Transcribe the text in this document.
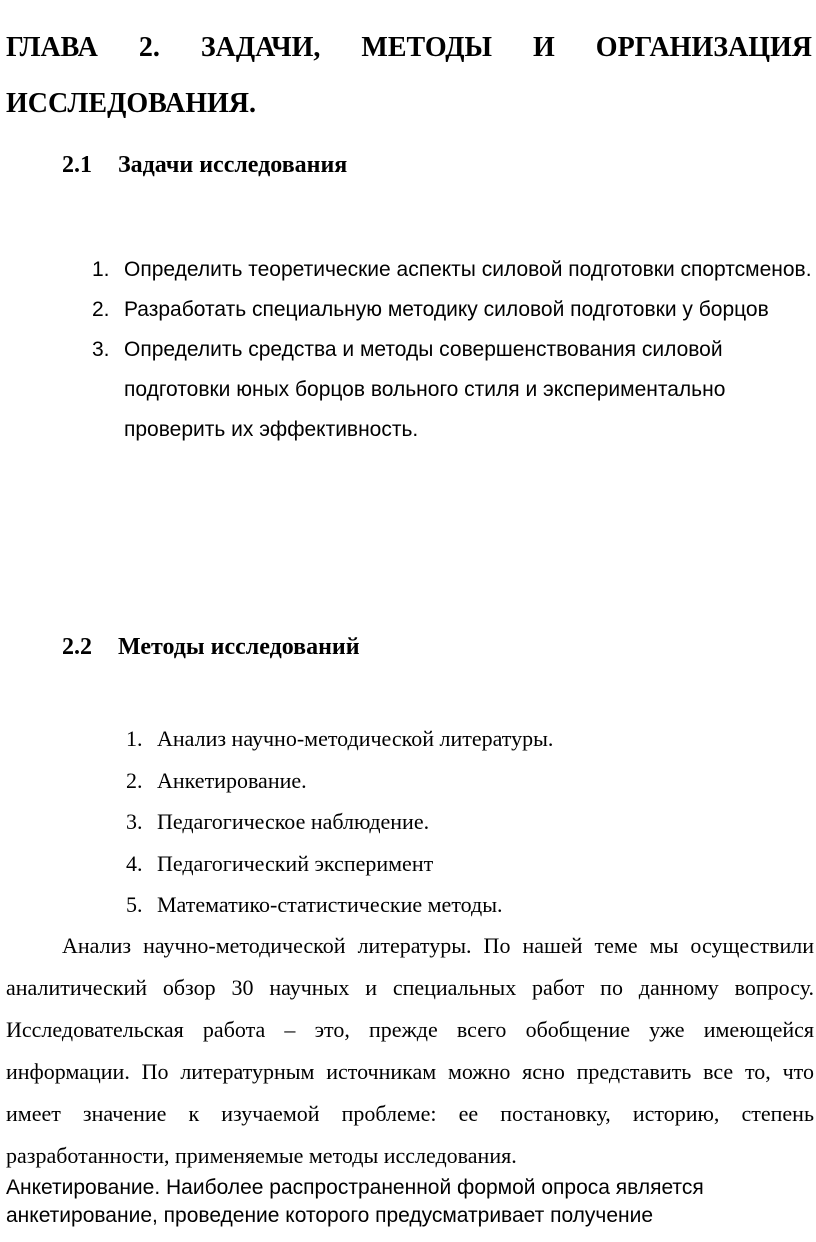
ГЛАВА 2. ЗАДАЧИ, МЕТОДЫ И ОРГАНИЗАЦИЯ
ИССЛЕДОВАНИЯ.
2.1 Задачи исследования
1. Определить теоретические аспекты силовой подготовки спортсменов.
2. Разработать специальную методику силовой подготовки у борцов
3. Определить средства и методы совершенствования силовой подготовки юных борцов вольного стиля и экспериментально проверить их эффективность.
2.2 Методы исследований
1. Анализ научно-методической литературы.
2. Анкетирование.
3. Педагогическое наблюдение.
4. Педагогический эксперимент
5. Математико-статистические методы.

Анализ научно-методической литературы. По нашей теме мы осуществили аналитический обзор 30 научных и специальных работ по данному вопросу. Исследовательская работа – это, прежде всего обобщение уже имеющейся информации. По литературным источникам можно ясно представить все то, что имеет значение к изучаемой проблеме: ее постановку, историю, степень разработанности, применяемые методы исследования.

Анкетирование. Наиболее распространенной формой опроса является анкетирование, проведение которого предусматривает получение
